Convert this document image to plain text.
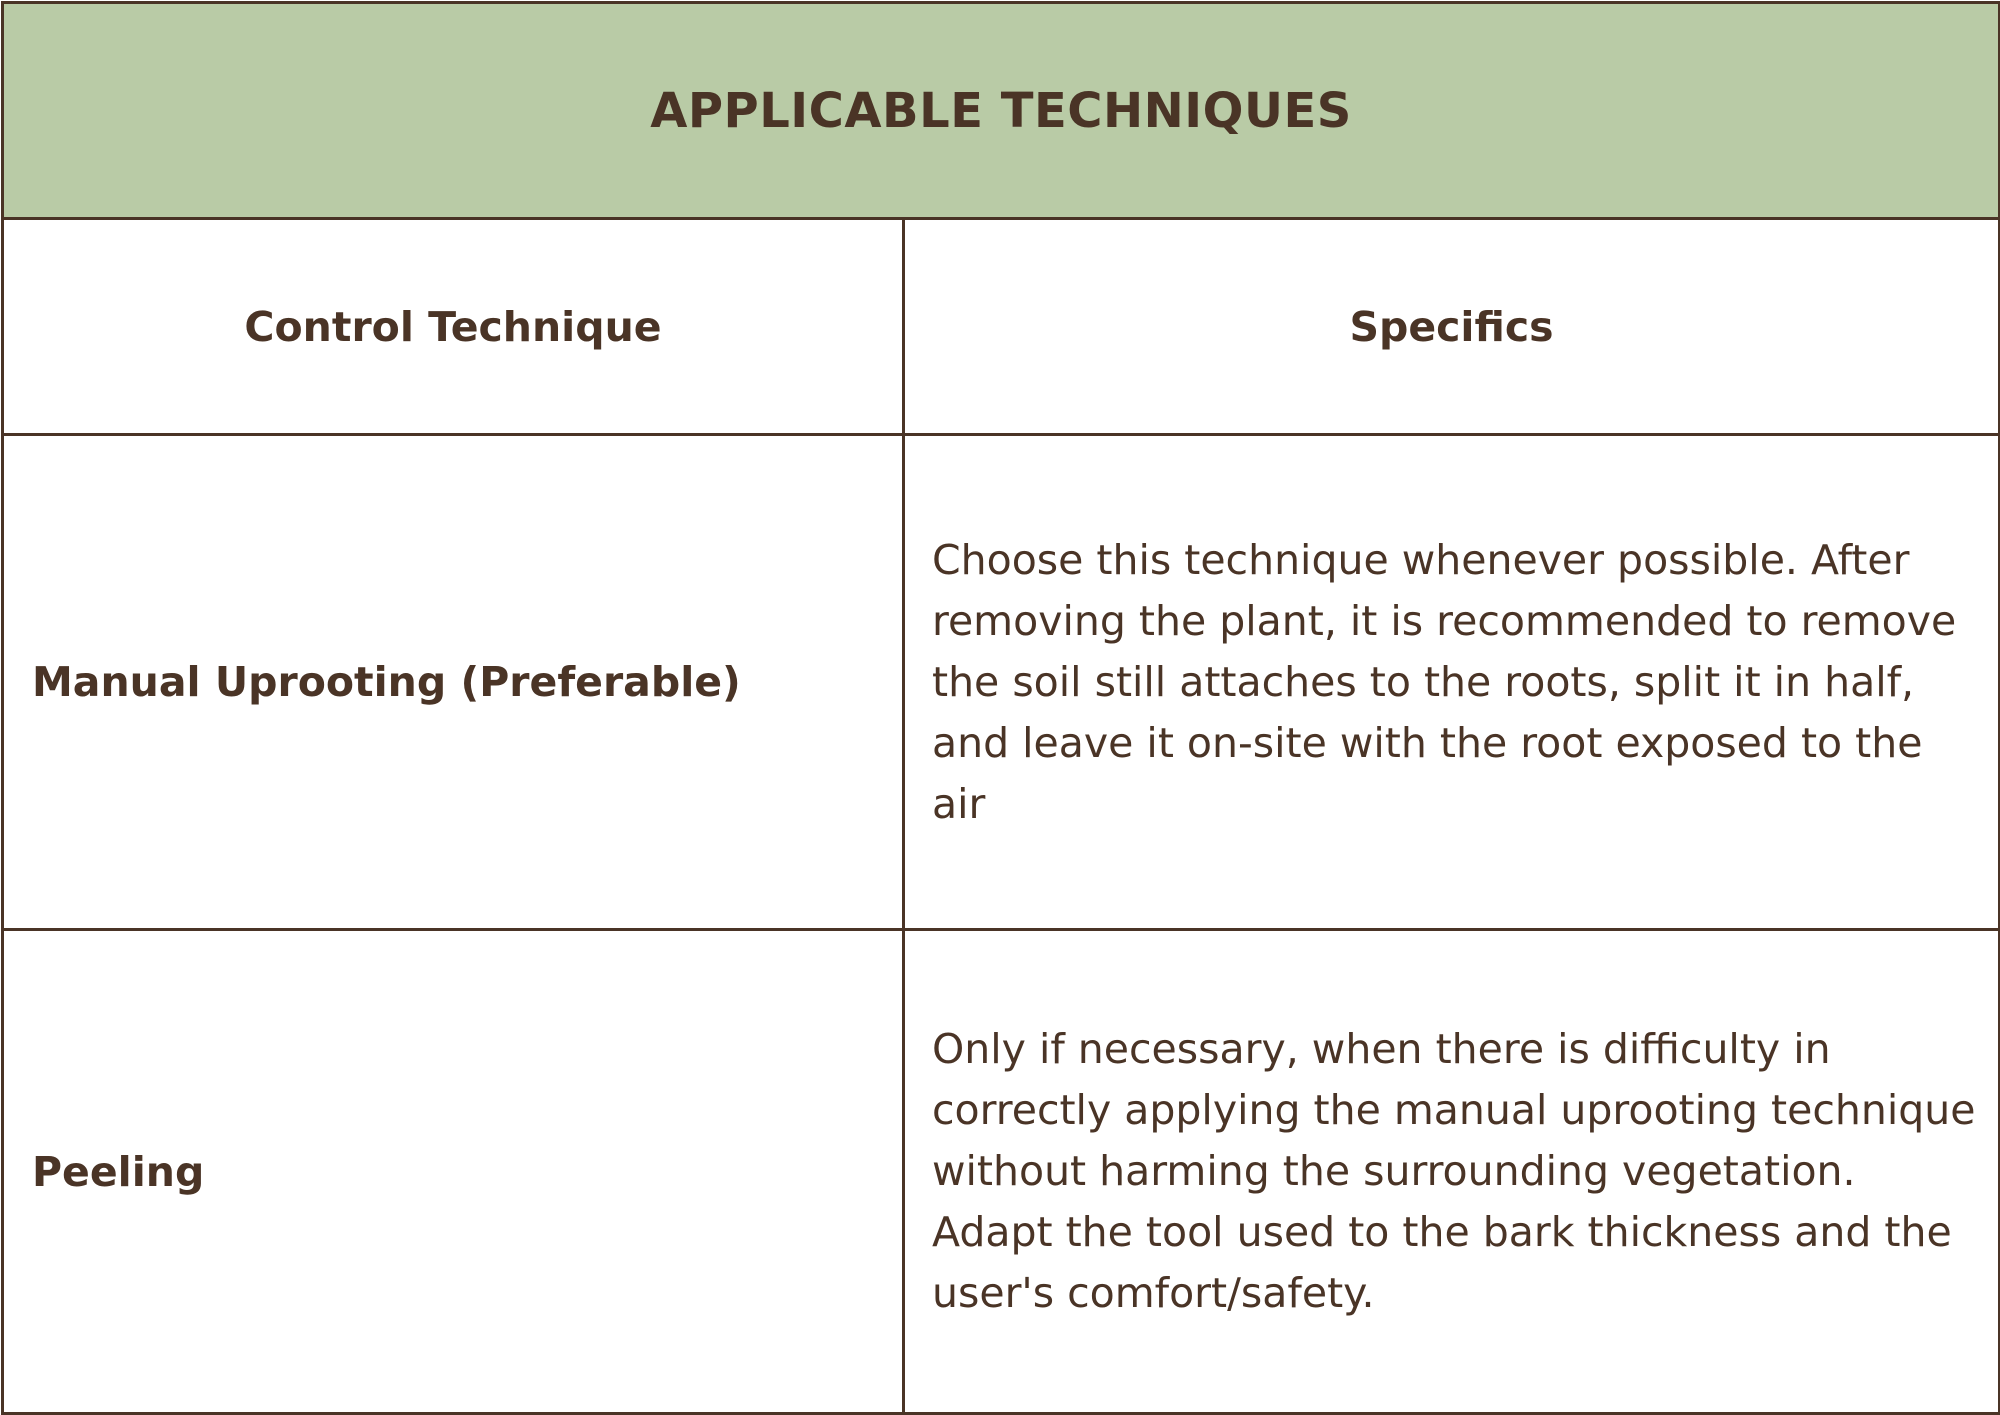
APPLICABLE TECHNIQUES	
Control Technique	Specifics
Manual Uprooting (Preferable)	Choose this technique whenever possible. After removing the plant, it is recommended to remove the soil still attaches to the roots, split it in half, and leave it on-site with the root exposed to the air
Peeling	Only if necessary, when there is difficulty in correctly applying the manual uprooting technique without harming the surrounding vegetation. Adapt the tool used to the bark thickness and the user's comfort/safety.
